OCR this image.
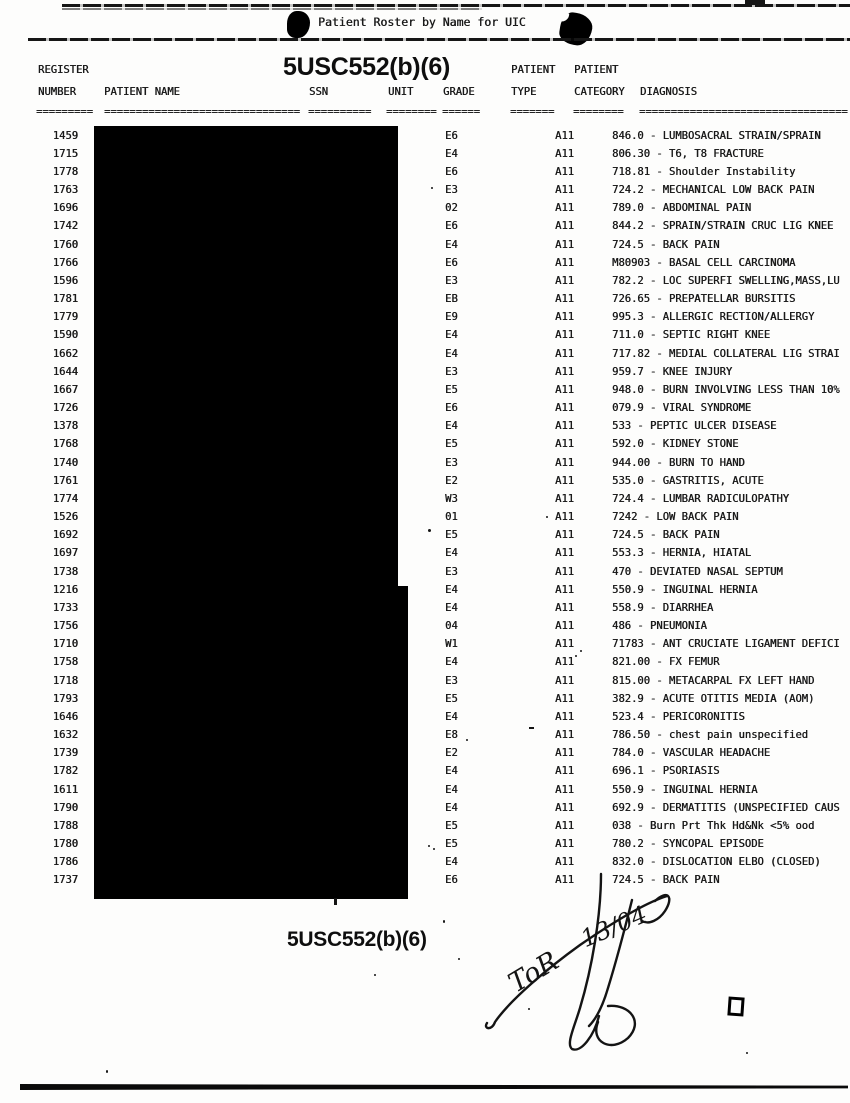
Patient Roster by Name for UIC
5USC552(b)(6)
REGISTER
NUMBER	PATIENT NAME	SSN	UNIT	GRADE
PATIENT
TYPE
PATIENT
CATEGORY DIAGNOSIS
========= =============================== ========== ======== ======	======= ======== =================================
1459	E6	A11	846.0 - LUMBOSACRAL STRAIN/SPRAIN
1715	E4	A11	806.30 - T6, T8 FRACTURE
1778	E6	A11	718.81 - Shoulder Instability
1763	E3	A11	724.2 - MECHANICAL LOW BACK PAIN
1696	02	A11	789.0 - ABDOMINAL PAIN
1742	E6	A11	844.2 - SPRAIN/STRAIN CRUC LIG KNEE
1760	E4	A11	724.5 - BACK PAIN
1766	E6	A11	M80903 - BASAL CELL CARCINOMA
1596	E3	A11	782.2 - LOC SUPERFI SWELLING,MASS,LU
1781	EB	A11	726.65 - PREPATELLAR BURSITIS
1779	E9	A11	995.3 - ALLERGIC RECTION/ALLERGY
1590	E4	A11	711.0 - SEPTIC RIGHT KNEE
1662	E4	A11	717.82 - MEDIAL COLLATERAL LIG STRAI
1644	E3	A11	959.7 - KNEE INJURY
1667	E5	A11	948.0 - BURN INVOLVING LESS THAN 10%
1726	E6	A11	079.9 - VIRAL SYNDROME
1378	E4	A11	533 - PEPTIC ULCER DISEASE
1768	E5	A11	592.0 - KIDNEY STONE
1740	E3	A11	944.00 - BURN TO HAND
1761	E2	A11	535.0 - GASTRITIS, ACUTE
1774	W3	A11	724.4 - LUMBAR RADICULOPATHY
1526	01	A11	7242 - LOW BACK PAIN
1692	E5	A11	724.5 - BACK PAIN
1697	E4	A11	553.3 - HERNIA, HIATAL
1738	E3	A11	470 - DEVIATED NASAL SEPTUM
1216	E4	A11	550.9 - INGUINAL HERNIA
1733	E4	A11	558.9 - DIARRHEA
1756	04	A11	486 - PNEUMONIA
1710	W1	A11	71783 - ANT CRUCIATE LIGAMENT DEFICI
1758	E4	A11	821.00 - FX FEMUR
1718	E3	A11	815.00 - METACARPAL FX LEFT HAND
1793	E5	A11	382.9 - ACUTE OTITIS MEDIA (AOM)
1646	E4	A11	523.4 - PERICORONITIS
1632	E8	A11	786.50 - chest pain unspecified
1739	E2	A11	784.0 - VASCULAR HEADACHE
1782	E4	A11	696.1 - PSORIASIS
1611	E4	A11	550.9 - INGUINAL HERNIA
1790	E4	A11	692.9 - DERMATITIS (UNSPECIFIED CAUS
1788	E5	A11	038 - Burn Prt Thk Hd&Nk <5% ood
1780	E5	A11	780.2 - SYNCOPAL EPISODE
1786	E4	A11	832.0 - DISLOCATION ELBO (CLOSED)
1737	E6	A11	724.5 - BACK PAIN
5USC552(b)(6)
ToR
13/04
